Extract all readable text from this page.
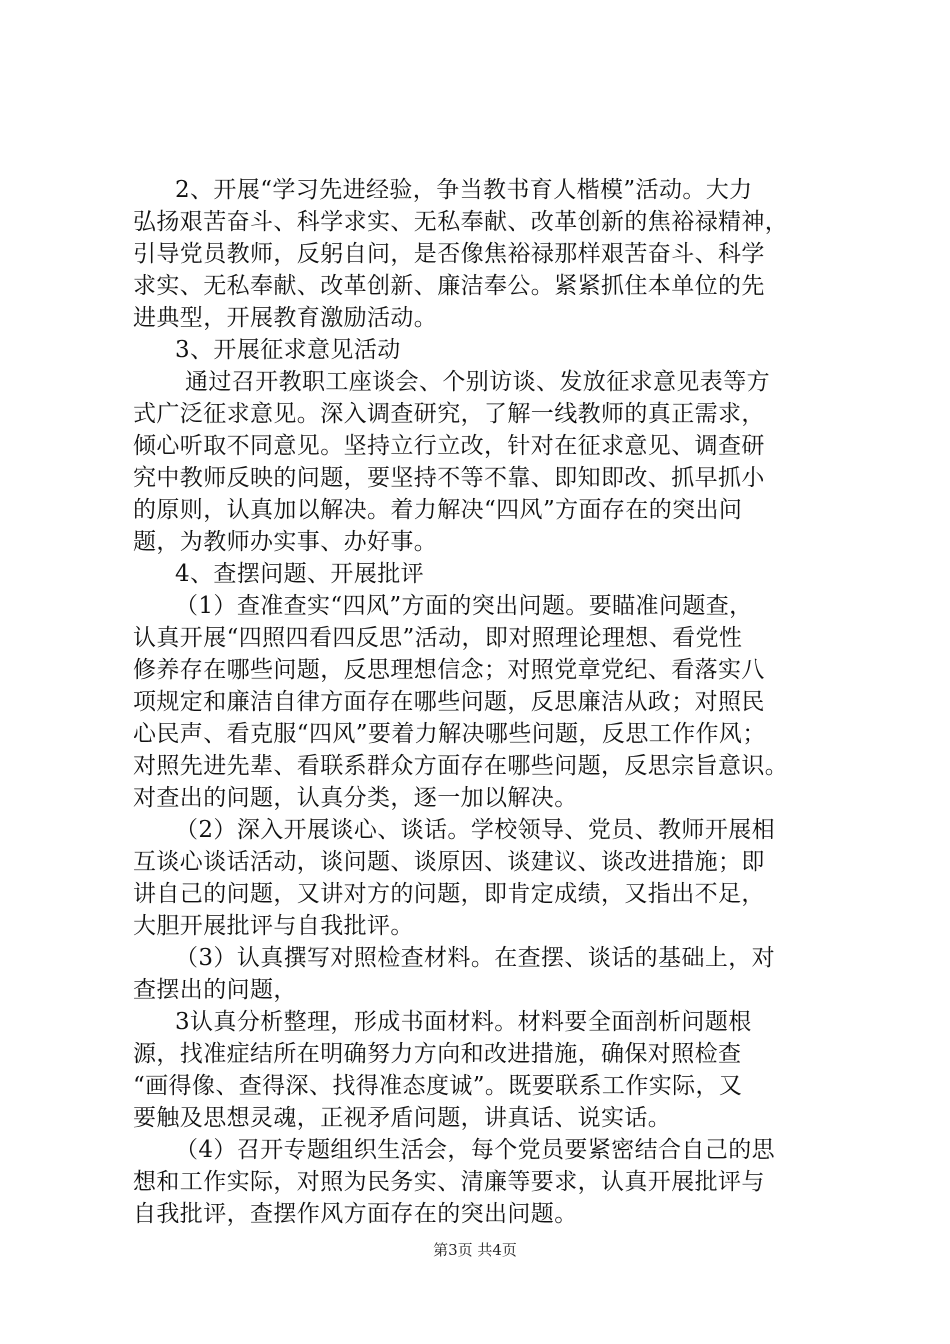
2、开展“学习先进经验，争当教书育人楷模”活动。大力
弘扬艰苦奋斗、科学求实、无私奉献、改革创新的焦裕禄精神，
引导党员教师，反躬自问，是否像焦裕禄那样艰苦奋斗、科学
求实、无私奉献、改革创新、廉洁奉公。紧紧抓住本单位的先
进典型，开展教育激励活动。
3、开展征求意见活动
通过召开教职工座谈会、个别访谈、发放征求意见表等方
式广泛征求意见。深入调查研究，了解一线教师的真正需求，
倾心听取不同意见。坚持立行立改，针对在征求意见、调查研
究中教师反映的问题，要坚持不等不靠、即知即改、抓早抓小
的原则，认真加以解决。着力解决“四风”方面存在的突出问
题，为教师办实事、办好事。
4、查摆问题、开展批评
（1）查准查实“四风”方面的突出问题。要瞄准问题查，
认真开展“四照四看四反思”活动，即对照理论理想、看党性
修养存在哪些问题，反思理想信念；对照党章党纪、看落实八
项规定和廉洁自律方面存在哪些问题，反思廉洁从政；对照民
心民声、看克服“四风”要着力解决哪些问题，反思工作作风；
对照先进先辈、看联系群众方面存在哪些问题，反思宗旨意识。
对查出的问题，认真分类，逐一加以解决。
（2）深入开展谈心、谈话。学校领导、党员、教师开展相
互谈心谈话活动，谈问题、谈原因、谈建议、谈改进措施；即
讲自己的问题，又讲对方的问题，即肯定成绩，又指出不足，
大胆开展批评与自我批评。
（3）认真撰写对照检查材料。在查摆、谈话的基础上，对
查摆出的问题，
3认真分析整理，形成书面材料。材料要全面剖析问题根
源，找准症结所在明确努力方向和改进措施，确保对照检查
“画得像、查得深、找得准态度诚”。既要联系工作实际，又
要触及思想灵魂，正视矛盾问题，讲真话、说实话。
（4）召开专题组织生活会，每个党员要紧密结合自己的思
想和工作实际，对照为民务实、清廉等要求，认真开展批评与
自我批评，查摆作风方面存在的突出问题。
第3页 共4页
